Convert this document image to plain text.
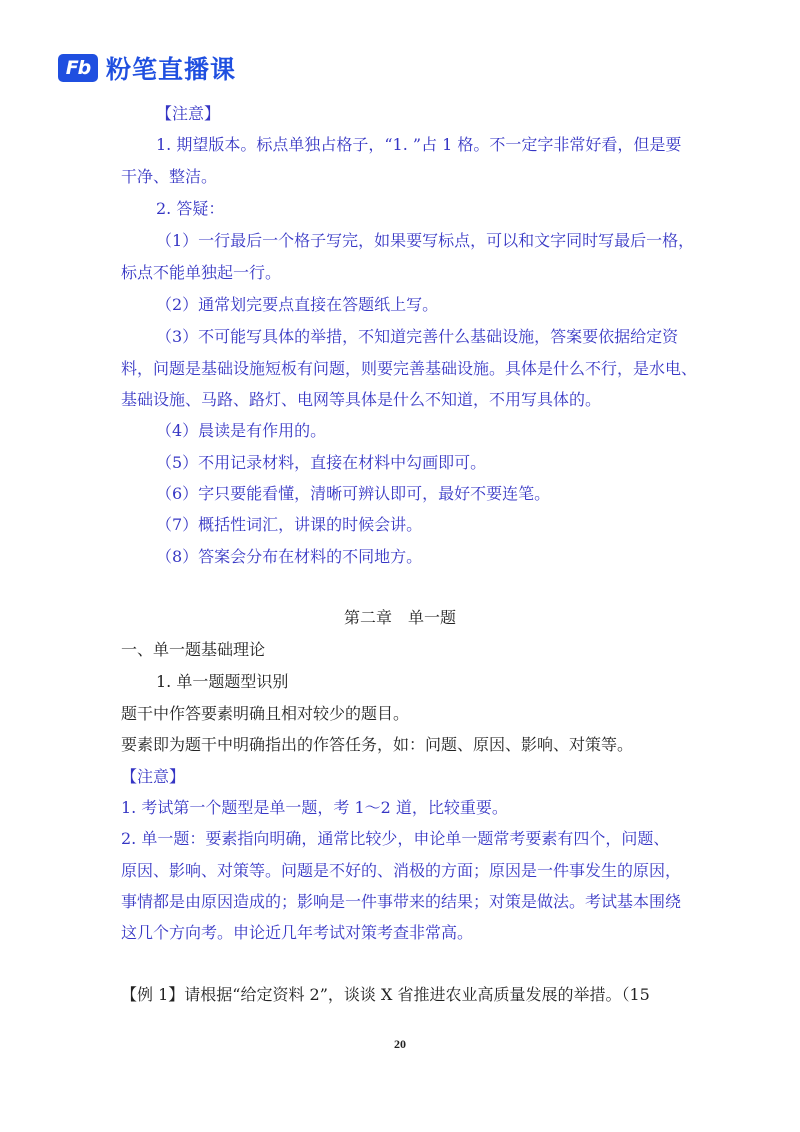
Fb 粉笔直播课
【注意】
1. 期望版本。标点单独占格子，“1. ”占 1 格。不一定字非常好看，但是要
干净、整洁。
2. 答疑：
（1）一行最后一个格子写完，如果要写标点，可以和文字同时写最后一格，
标点不能单独起一行。
（2）通常划完要点直接在答题纸上写。
（3）不可能写具体的举措，不知道完善什么基础设施，答案要依据给定资
料，问题是基础设施短板有问题，则要完善基础设施。具体是什么不行，是水电、
基础设施、马路、路灯、电网等具体是什么不知道，不用写具体的。
（4）晨读是有作用的。
（5）不用记录材料，直接在材料中勾画即可。
（6）字只要能看懂，清晰可辨认即可，最好不要连笔。
（7）概括性词汇，讲课的时候会讲。
（8）答案会分布在材料的不同地方。
第二章　单一题
一、单一题基础理论
1. 单一题题型识别
题干中作答要素明确且相对较少的题目。
要素即为题干中明确指出的作答任务，如：问题、原因、影响、对策等。
【注意】
1. 考试第一个题型是单一题，考 1～2 道，比较重要。
2. 单一题：要素指向明确，通常比较少，申论单一题常考要素有四个，问题、
原因、影响、对策等。问题是不好的、消极的方面；原因是一件事发生的原因，
事情都是由原因造成的；影响是一件事带来的结果；对策是做法。考试基本围绕
这几个方向考。申论近几年考试对策考查非常高。
【例 1】请根据“给定资料 2”，谈谈 X 省推进农业高质量发展的举措。（15
20
